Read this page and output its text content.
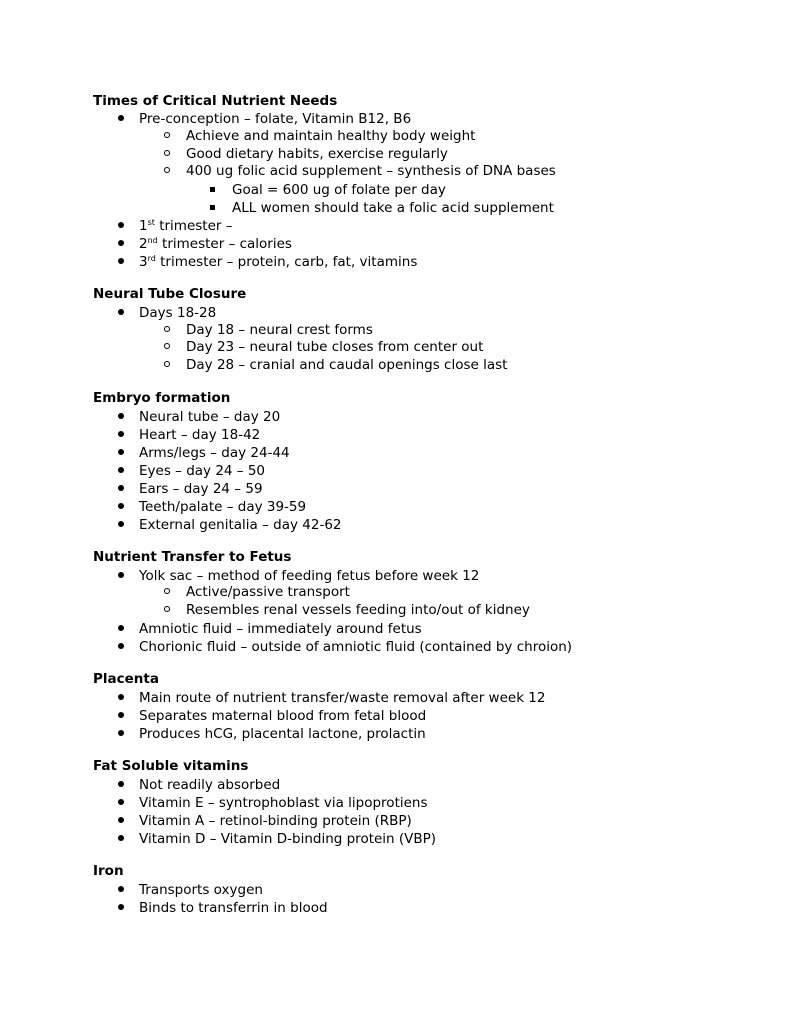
Times of Critical Nutrient Needs
Pre-conception – folate, Vitamin B12, B6
Achieve and maintain healthy body weight
Good dietary habits, exercise regularly
400 ug folic acid supplement – synthesis of DNA bases
Goal = 600 ug of folate per day
ALL women should take a folic acid supplement
1st trimester –
2nd trimester – calories
3rd trimester – protein, carb, fat, vitamins
Neural Tube Closure
Days 18-28
Day 18 – neural crest forms
Day 23 – neural tube closes from center out
Day 28 – cranial and caudal openings close last
Embryo formation
Neural tube – day 20
Heart – day 18-42
Arms/legs – day 24-44
Eyes – day 24 – 50
Ears – day 24 – 59
Teeth/palate – day 39-59
External genitalia – day 42-62
Nutrient Transfer to Fetus
Yolk sac – method of feeding fetus before week 12
Active/passive transport
Resembles renal vessels feeding into/out of kidney
Amniotic fluid – immediately around fetus
Chorionic fluid – outside of amniotic fluid (contained by chroion)
Placenta
Main route of nutrient transfer/waste removal after week 12
Separates maternal blood from fetal blood
Produces hCG, placental lactone, prolactin
Fat Soluble vitamins
Not readily absorbed
Vitamin E – syntrophoblast via lipoprotiens
Vitamin A – retinol-binding protein (RBP)
Vitamin D – Vitamin D-binding protein (VBP)
Iron
Transports oxygen
Binds to transferrin in blood
